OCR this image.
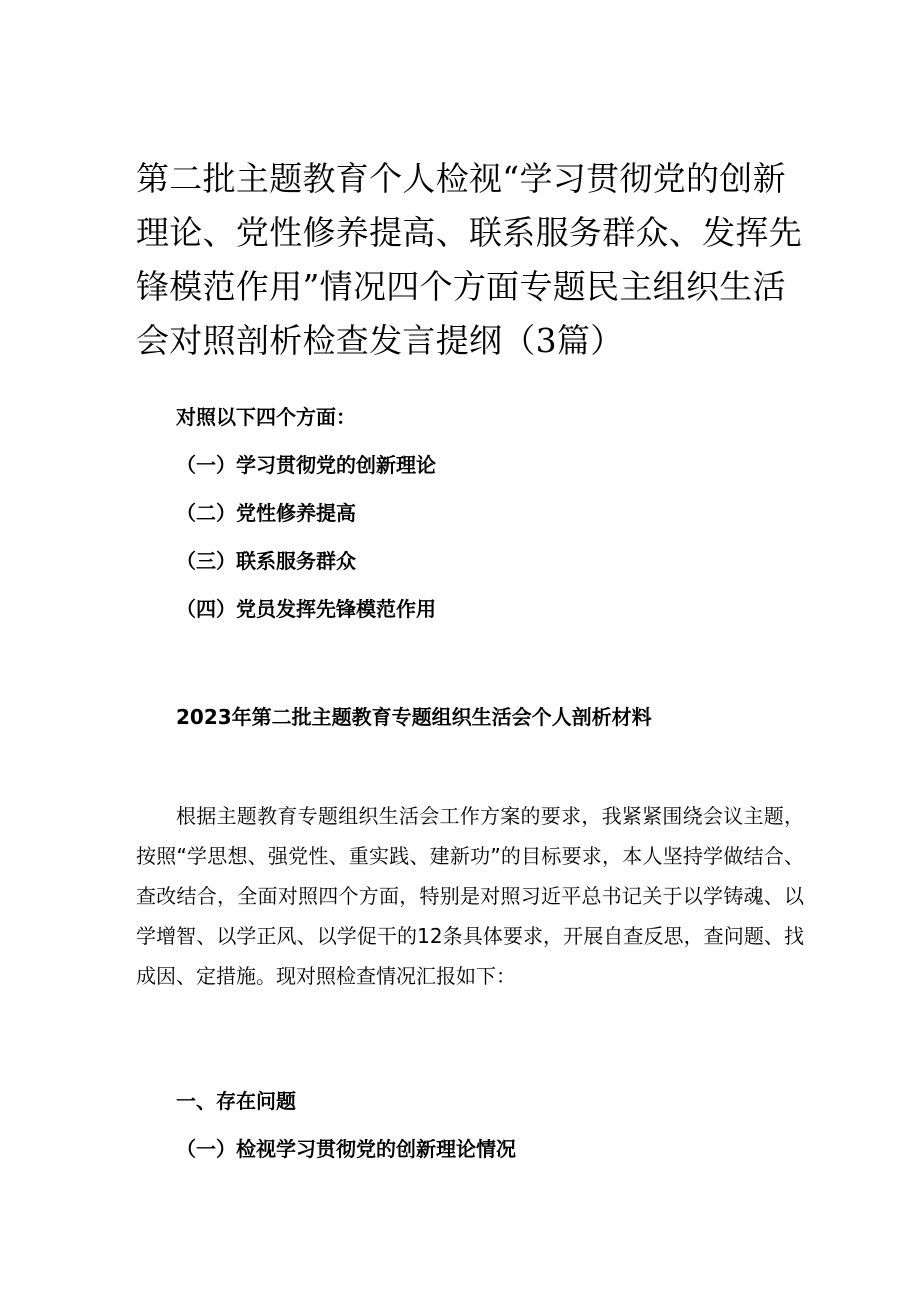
第二批主题教育个人检视“学习贯彻党的创新理论、党性修养提高、联系服务群众、发挥先锋模范作用”情况四个方面专题民主组织生活会对照剖析检查发言提纲（3篇）

对照以下四个方面：

（一）学习贯彻党的创新理论
（二）党性修养提高
（三）联系服务群众
（四）党员发挥先锋模范作用

2023年第二批主题教育专题组织生活会个人剖析材料

根据主题教育专题组织生活会工作方案的要求，我紧紧围绕会议主题，按照“学思想、强党性、重实践、建新功”的目标要求，本人坚持学做结合、查改结合，全面对照四个方面，特别是对照习近平总书记关于以学铸魂、以学增智、以学正风、以学促干的12条具体要求，开展自查反思，查问题、找成因、定措施。现对照检查情况汇报如下：

一、存在问题

（一）检视学习贯彻党的创新理论情况
